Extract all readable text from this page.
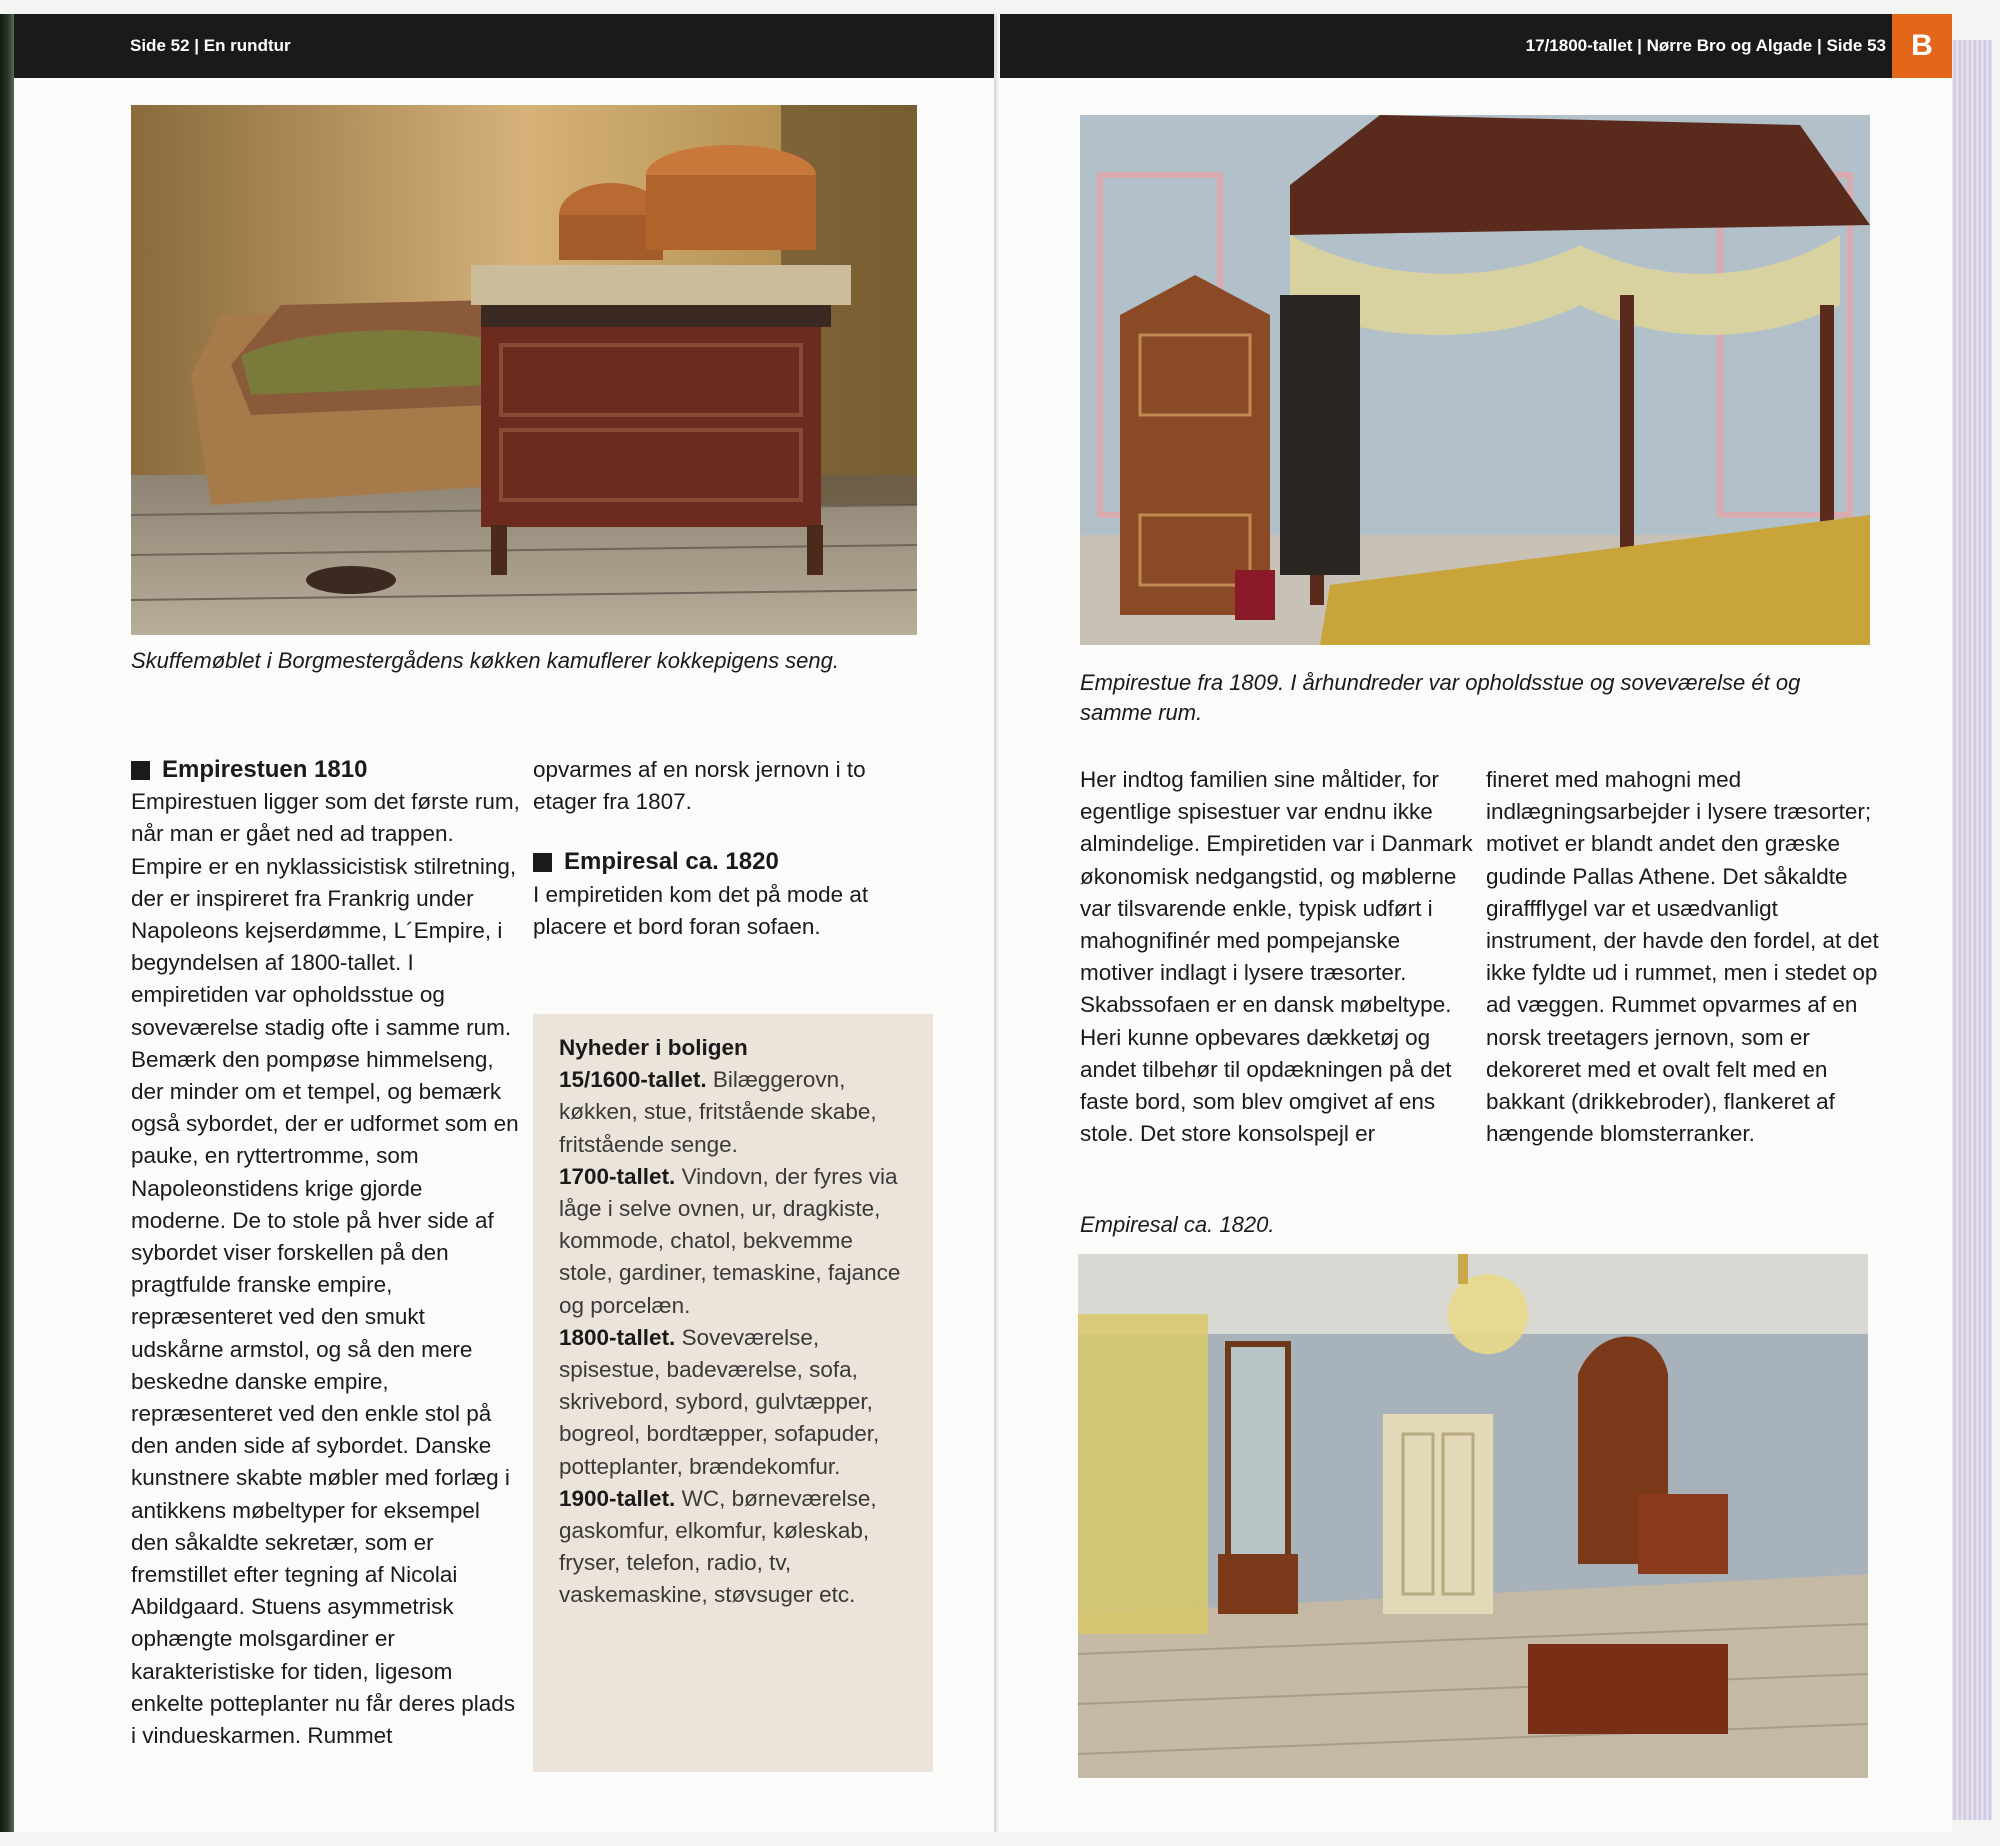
Side 52 | En rundtur
Skuffemøblet i Borgmestergådens køkken kamuflerer kokkepigens seng.
Empirestuen 1810

Empirestuen ligger som det første rum, når man er gået ned ad trappen. Empire er en nyklassicistisk stilretning, der er inspireret fra Frankrig under Napoleons kejserdømme, L´Empire, i begyndelsen af 1800-tallet. I empiretiden var opholdsstue og soveværelse stadig ofte i samme rum. Bemærk den pompøse himmelseng, der minder om et tempel, og bemærk også sybordet, der er udformet som en pauke, en ryttertromme, som Napoleonstidens krige gjorde moderne. De to stole på hver side af sybordet viser forskellen på den pragtfulde franske empire, repræsenteret ved den smukt udskårne armstol, og så den mere beskedne danske empire, repræsenteret ved den enkle stol på den anden side af sybordet. Danske kunstnere skabte møbler med forlæg i antikkens møbeltyper for eksempel den såkaldte sekretær, som er fremstillet efter tegning af Nicolai Abildgaard. Stuens asymmetrisk ophængte molsgardiner er karakteristiske for tiden, ligesom enkelte potteplanter nu får deres plads i vindueskarmen. Rummet

opvarmes af en norsk jernovn i to etager fra 1807.

Empiresal ca. 1820

I empiretiden kom det på mode at placere et bord foran sofaen.

Nyheder i boligen

15/1600-tallet. Bilæggerovn, køkken, stue, fritstående skabe, fritstående senge.

1700-tallet. Vindovn, der fyres via låge i selve ovnen, ur, dragkiste, kommode, chatol, bekvemme stole, gardiner, temaskine, fajance og porcelæn.

1800-tallet. Soveværelse, spisestue, badeværelse, sofa, skrivebord, sybord, gulvtæpper, bogreol, bordtæpper, sofapuder, potteplanter, brændekomfur.

1900-tallet. WC, børneværelse, gaskomfur, elkomfur, køleskab, fryser, telefon, radio, tv, vaskemaskine, støvsuger etc.

17/1800-tallet | Nørre Bro og Algade | Side 53 B
Empirestue fra 1809. I århundreder var opholdsstue og soveværelse ét og samme rum.

Her indtog familien sine måltider, for egentlige spisestuer var endnu ikke almindelige. Empiretiden var i Danmark økonomisk nedgangstid, og møblerne var tilsvarende enkle, typisk udført i mahognifinér med pompejanske motiver indlagt i lysere træsorter. Skabssofaen er en dansk møbeltype. Heri kunne opbevares dækketøj og andet tilbehør til opdækningen på det faste bord, som blev omgivet af ens stole. Det store konsolspejl er

fineret med mahogni med indlægningsarbejder i lysere træsorter; motivet er blandt andet den græske gudinde Pallas Athene. Det såkaldte giraffflygel var et usædvanligt instrument, der havde den fordel, at det ikke fyldte ud i rummet, men i stedet op ad væggen. Rummet opvarmes af en norsk treetagers jernovn, som er dekoreret med et ovalt felt med en bakkant (drikkebroder), flankeret af hængende blomsterranker.

Empiresal ca. 1820.
